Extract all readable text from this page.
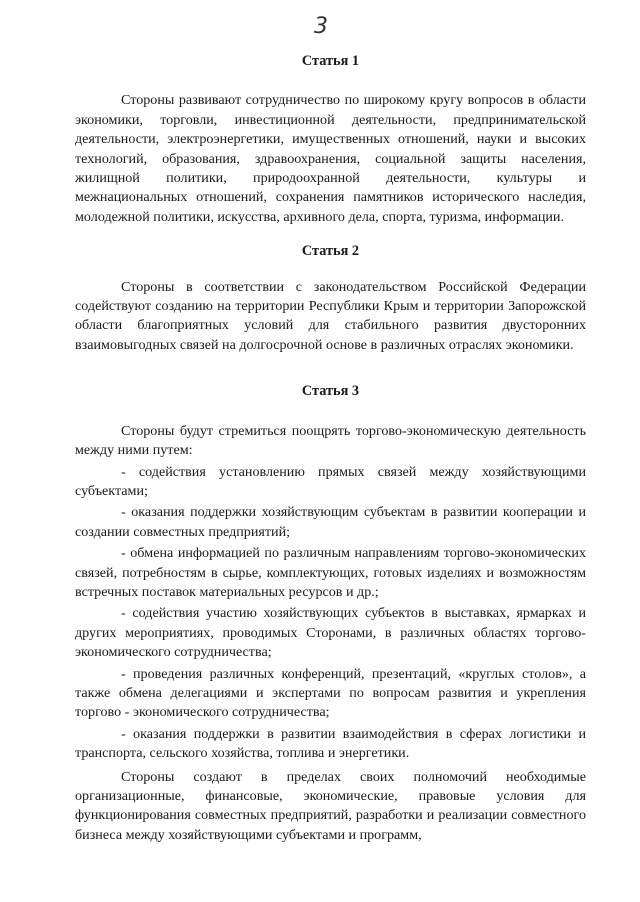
3
Статья 1

Стороны развивают сотрудничество по широкому кругу вопросов в области экономики, торговли, инвестиционной деятельности, предпринимательской деятельности, электроэнергетики, имущественных отношений, науки и высоких технологий, образования, здравоохранения, социальной защиты населения, жилищной политики, природоохранной деятельности, культуры и межнациональных отношений, сохранения памятников исторического наследия, молодежной политики, искусства, архивного дела, спорта, туризма, информации.

Статья 2

Стороны в соответствии с законодательством Российской Федерации содействуют созданию на территории Республики Крым и территории Запорожской области благоприятных условий для стабильного развития двусторонних взаимовыгодных связей на долгосрочной основе в различных отраслях экономики.

Статья 3

Стороны будут стремиться поощрять торгово-экономическую деятельность между ними путем:

- содействия установлению прямых связей между хозяйствующими субъектами;

- оказания поддержки хозяйствующим субъектам в развитии кооперации и создании совместных предприятий;

- обмена информацией по различным направлениям торгово-экономических связей, потребностям в сырье, комплектующих, готовых изделиях и возможностям встречных поставок материальных ресурсов и др.;

- содействия участию хозяйствующих субъектов в выставках, ярмарках и других мероприятиях, проводимых Сторонами, в различных областях торгово-экономического сотрудничества;

- проведения различных конференций, презентаций, «круглых столов», а также обмена делегациями и экспертами по вопросам развития и укрепления торгово - экономического сотрудничества;

- оказания поддержки в развитии взаимодействия в сферах логистики и транспорта, сельского хозяйства, топлива и энергетики.

Стороны создают в пределах своих полномочий необходимые организационные, финансовые, экономические, правовые условия для функционирования совместных предприятий, разработки и реализации совместного бизнеса между хозяйствующими субъектами и программ,
